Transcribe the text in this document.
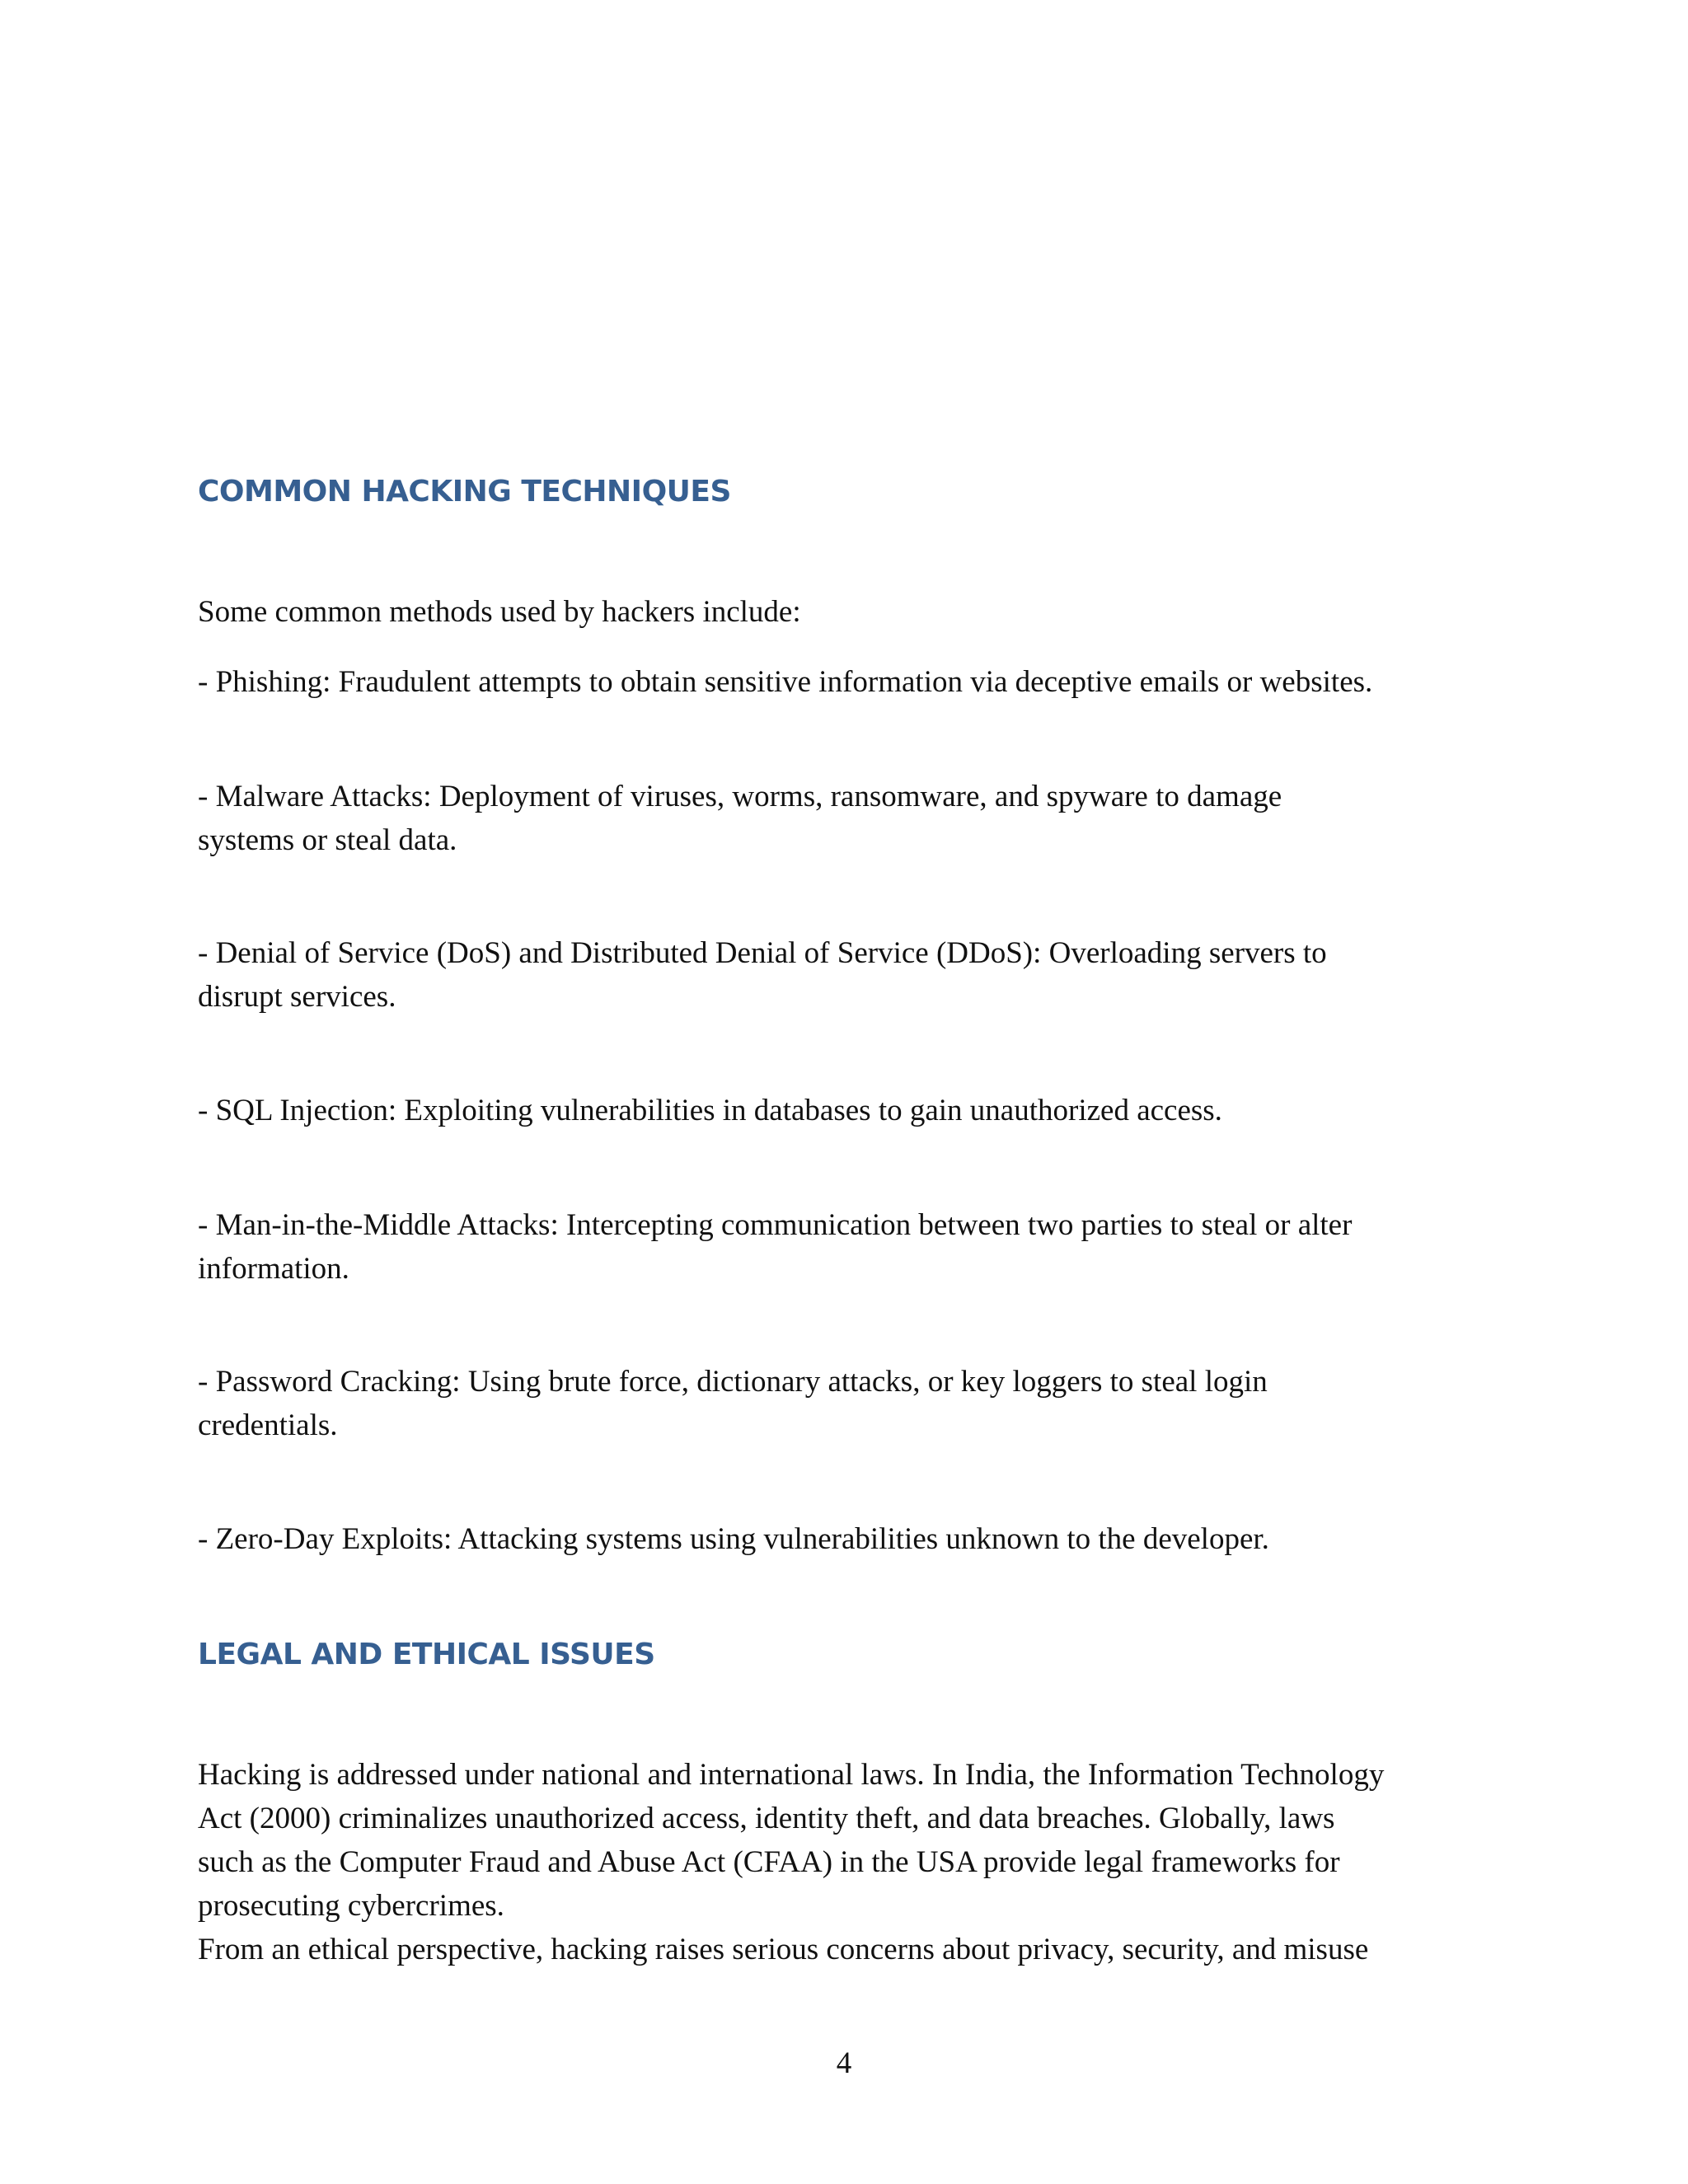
COMMON HACKING TECHNIQUES
Some common methods used by hackers include:
- Phishing: Fraudulent attempts to obtain sensitive information via deceptive emails or websites.
- Malware Attacks: Deployment of viruses, worms, ransomware, and spyware to damage
systems or steal data.
- Denial of Service (DoS) and Distributed Denial of Service (DDoS): Overloading servers to
disrupt services.
- SQL Injection: Exploiting vulnerabilities in databases to gain unauthorized access.
- Man-in-the-Middle Attacks: Intercepting communication between two parties to steal or alter
information.
- Password Cracking: Using brute force, dictionary attacks, or key loggers to steal login
credentials.
- Zero-Day Exploits: Attacking systems using vulnerabilities unknown to the developer.
LEGAL AND ETHICAL ISSUES
Hacking is addressed under national and international laws. In India, the Information Technology
Act (2000) criminalizes unauthorized access, identity theft, and data breaches. Globally, laws
such as the Computer Fraud and Abuse Act (CFAA) in the USA provide legal frameworks for
prosecuting cybercrimes.
From an ethical perspective, hacking raises serious concerns about privacy, security, and misuse
4
